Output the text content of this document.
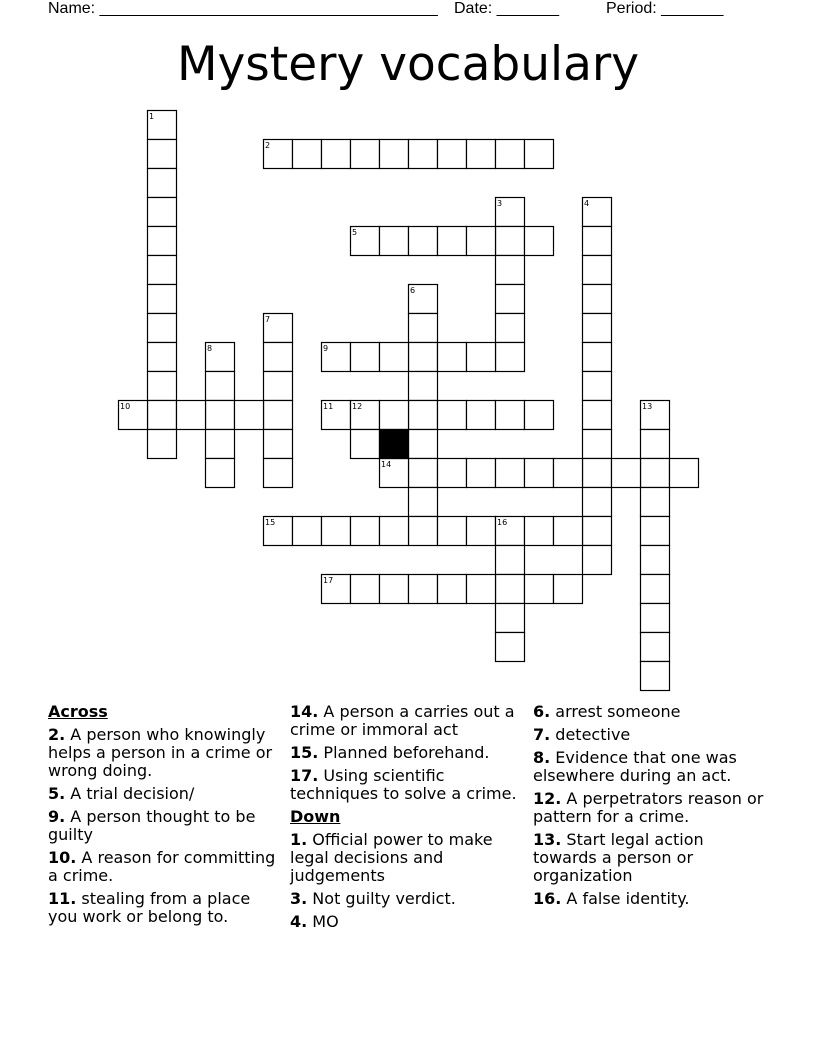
Name: ______________________________________

Date: _______

	Period: _______

Mystery vocabulary
1
2
3	4
5
6
7
8	9
10	11 12	13
14
15	16
17
Across
2. A person who knowingly helps a person in a crime or wrong doing.
5. A trial decision/
9. A person thought to be guilty
10. A reason for committing a crime.
11. stealing from a place you work or belong to.
14. A person a carries out a crime or immoral act
15. Planned beforehand.
17. Using scientific techniques to solve a crime.
Down
1. Official power to make legal decisions and judgements
3. Not guilty verdict.
4. MO
6. arrest someone
7. detective
8. Evidence that one was elsewhere during an act.
12. A perpetrators reason or pattern for a crime.
13. Start legal action towards a person or organization
16. A false identity.
